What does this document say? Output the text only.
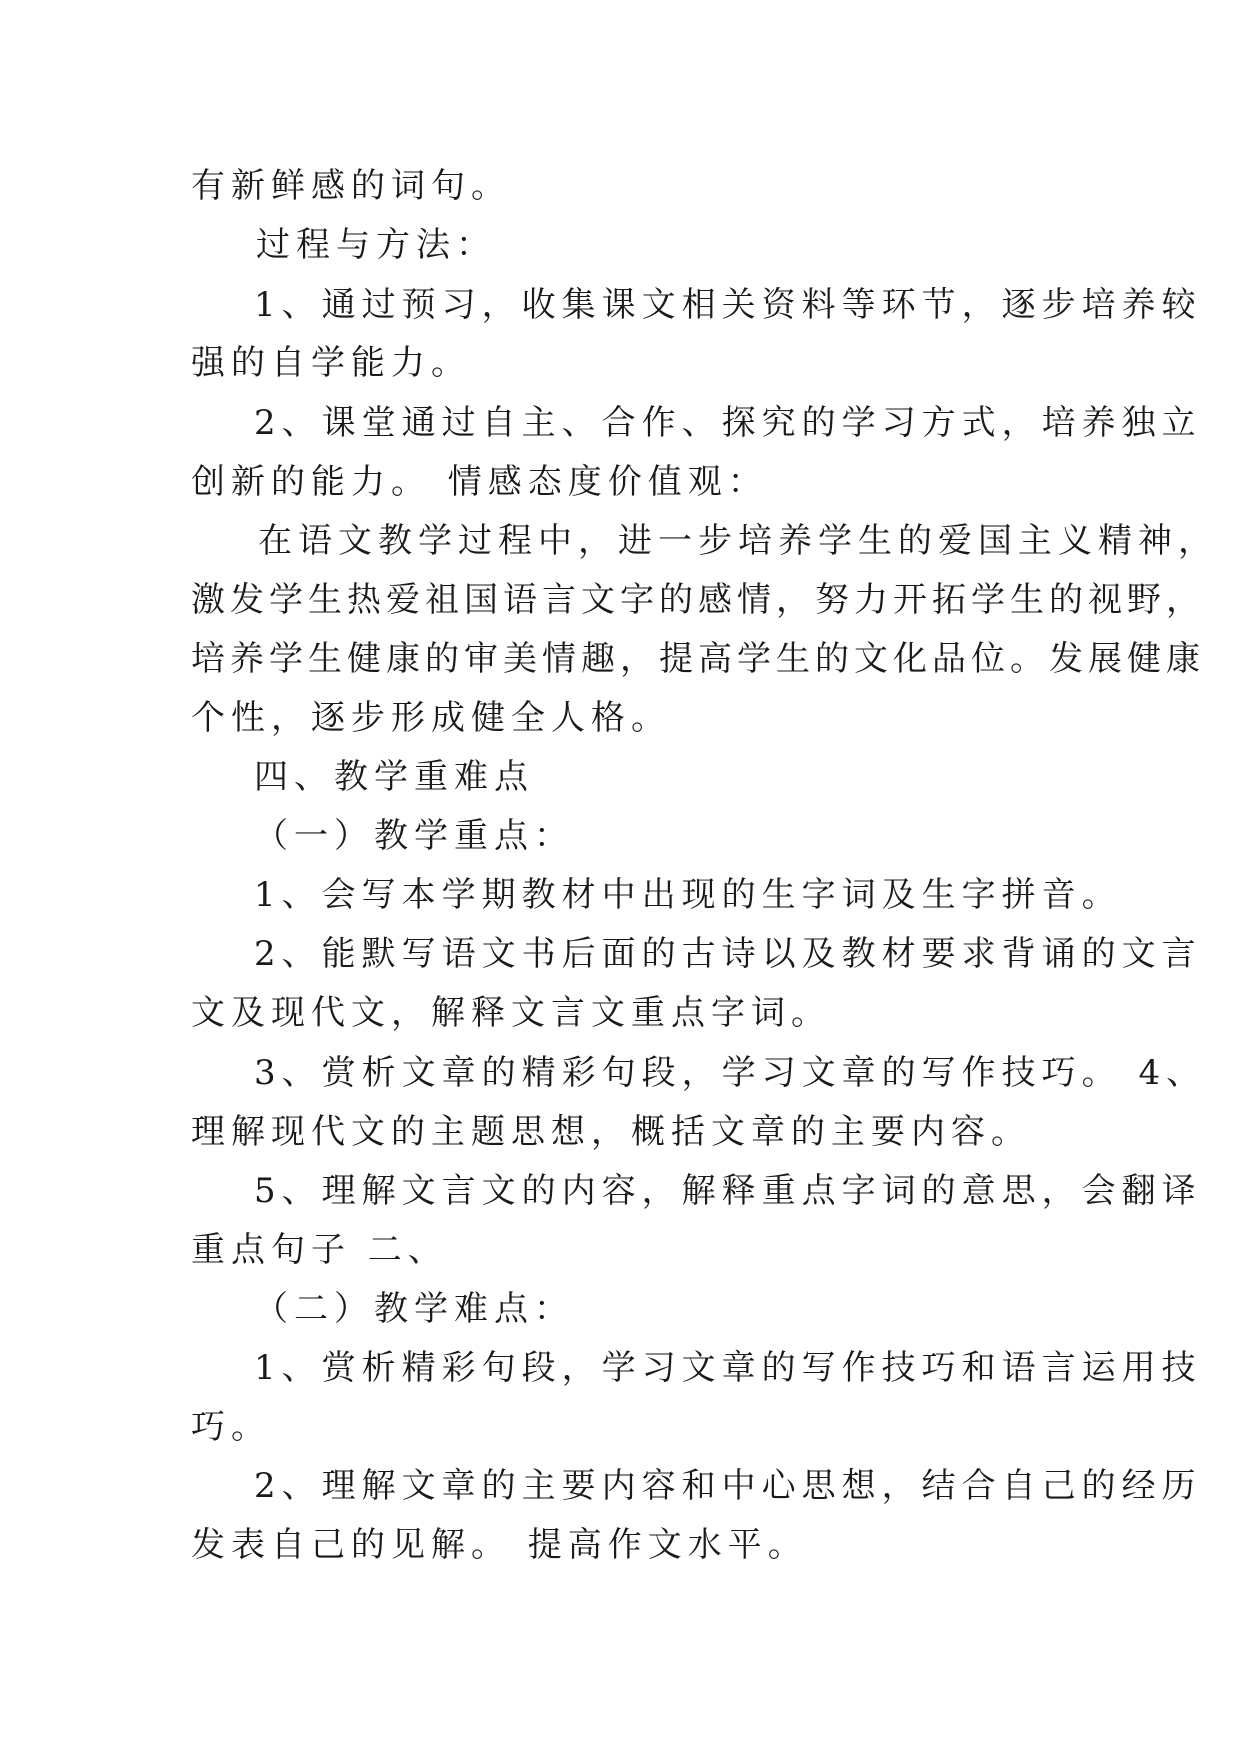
有新鲜感的词句。
过程与方法：
1、通过预习，收集课文相关资料等环节，逐步培养较
强的自学能力。
2、课堂通过自主、合作、探究的学习方式，培养独立
创新的能力。 情感态度价值观：
在语文教学过程中，进一步培养学生的爱国主义精神，
激发学生热爱祖国语言文字的感情，努力开拓学生的视野，
培养学生健康的审美情趣，提高学生的文化品位。发展健康
个性，逐步形成健全人格。
四、教学重难点
（一）教学重点：
1、会写本学期教材中出现的生字词及生字拼音。
2、能默写语文书后面的古诗以及教材要求背诵的文言
文及现代文，解释文言文重点字词。
3、赏析文章的精彩句段，学习文章的写作技巧。 4、
理解现代文的主题思想，概括文章的主要内容。
5、理解文言文的内容，解释重点字词的意思，会翻译
重点句子 二、
（二）教学难点：
1、赏析精彩句段，学习文章的写作技巧和语言运用技
巧。
2、理解文章的主要内容和中心思想，结合自己的经历
发表自己的见解。 提高作文水平。
